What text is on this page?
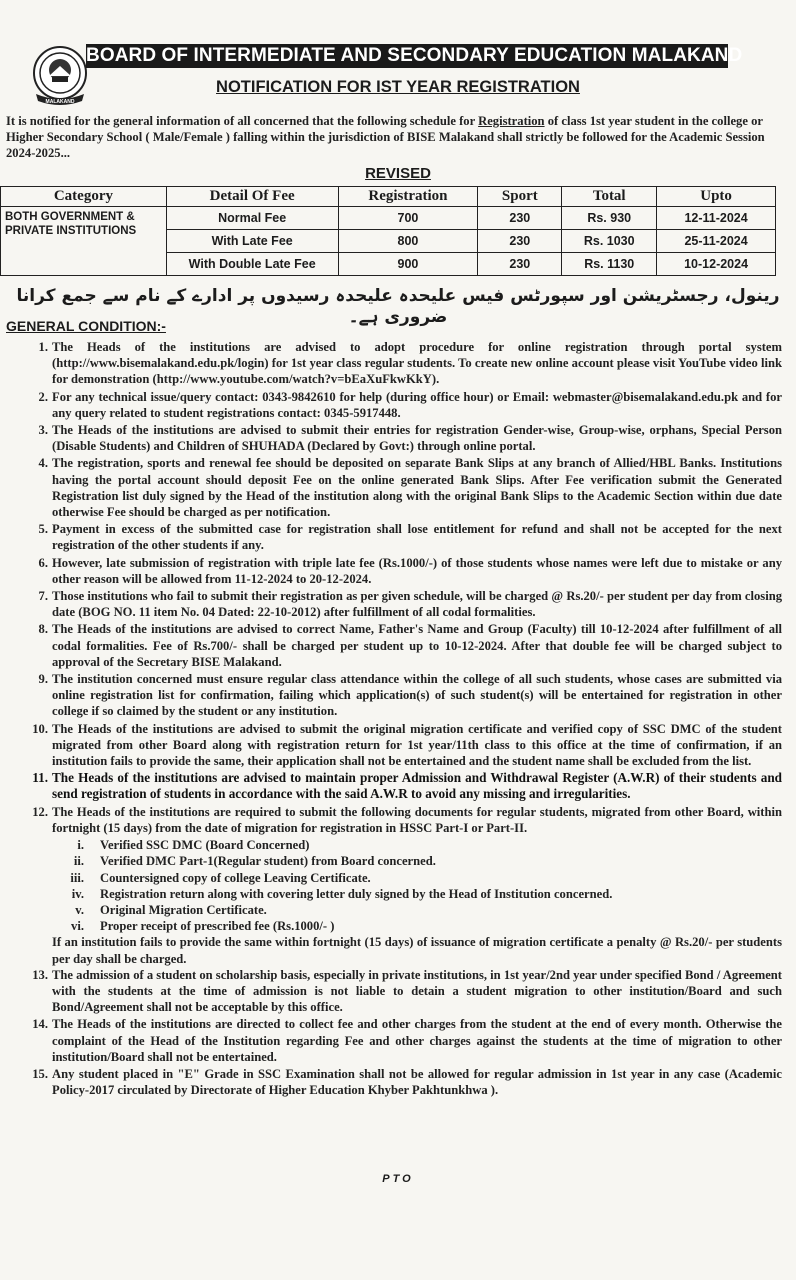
MALAKAND
BOARD OF INTERMEDIATE AND SECONDARY EDUCATION MALAKAND
NOTIFICATION FOR IST YEAR REGISTRATION
It is notified for the general information of all concerned that the following schedule for Registration of class 1st year student in the college or Higher Secondary School ( Male/Female ) falling within the jurisdiction of BISE Malakand shall strictly be followed for the Academic Session 2024-2025...
REVISED
Category	Detail Of Fee	Registration	Sport	Total	Upto
BOTH GOVERNMENT & PRIVATE INSTITUTIONS	Normal Fee	700	230	Rs. 930	12-11-2024
	With Late Fee	800	230	Rs. 1030	25-11-2024
	With Double Late Fee	900	230	Rs. 1130	10-12-2024
رینول، رجسٹریشن اور سپورٹس فیس علیحدہ علیحدہ رسیدوں پر ادارے کے نام سے جمع کرانا ضروری ہے۔
GENERAL CONDITION:-
1. The Heads of the institutions are advised to adopt procedure for online registration through portal system (http://www.bisemalakand.edu.pk/login) for 1st year class regular students. To create new online account please visit YouTube video link for demonstration (http://www.youtube.com/watch?v=bEaXuFkwKkY).
2. For any technical issue/query contact: 0343-9842610 for help (during office hour) or Email: webmaster@bisemalakand.edu.pk and for any query related to student registrations contact: 0345-5917448.
3. The Heads of the institutions are advised to submit their entries for registration Gender-wise, Group-wise, orphans, Special Person (Disable Students) and Children of SHUHADA (Declared by Govt:) through online portal.
4. The registration, sports and renewal fee should be deposited on separate Bank Slips at any branch of Allied/HBL Banks. Institutions having the portal account should deposit Fee on the online generated Bank Slips. After Fee verification submit the Generated Registration list duly signed by the Head of the institution along with the original Bank Slips to the Academic Section within due date otherwise Fee should be charged as per notification.
5. Payment in excess of the submitted case for registration shall lose entitlement for refund and shall not be accepted for the next registration of the other students if any.
6. However, late submission of registration with triple late fee (Rs.1000/-) of those students whose names were left due to mistake or any other reason will be allowed from 11-12-2024 to 20-12-2024.
7. Those institutions who fail to submit their registration as per given schedule, will be charged @ Rs.20/- per student per day from closing date (BOG NO. 11 item No. 04 Dated: 22-10-2012) after fulfillment of all codal formalities.
8. The Heads of the institutions are advised to correct Name, Father's Name and Group (Faculty) till 10-12-2024 after fulfillment of all codal formalities. Fee of Rs.700/- shall be charged per student up to 10-12-2024. After that double fee will be charged subject to approval of the Secretary BISE Malakand.
9. The institution concerned must ensure regular class attendance within the college of all such students, whose cases are submitted via online registration list for confirmation, failing which application(s) of such student(s) will be entertained for registration in other college if so claimed by the student or any institution.
10. The Heads of the institutions are advised to submit the original migration certificate and verified copy of SSC DMC of the student migrated from other Board along with registration return for 1st year/11th class to this office at the time of confirmation, if an institution fails to provide the same, their application shall not be entertained and the student name shall be excluded from the list.
11. The Heads of the institutions are advised to maintain proper Admission and Withdrawal Register (A.W.R) of their students and send registration of students in accordance with the said A.W.R to avoid any missing and irregularities.
12. The Heads of the institutions are required to submit the following documents for regular students, migrated from other Board, within fortnight (15 days) from the date of migration for registration in HSSC Part-I or Part-II.
i. Verified SSC DMC (Board Concerned)
ii. Verified DMC Part-1(Regular student) from Board concerned.
iii. Countersigned copy of college Leaving Certificate.
iv. Registration return along with covering letter duly signed by the Head of Institution concerned.
v. Original Migration Certificate.
vi. Proper receipt of prescribed fee (Rs.1000/- )
If an institution fails to provide the same within fortnight (15 days) of issuance of migration certificate a penalty @ Rs.20/- per students per day shall be charged.
13. The admission of a student on scholarship basis, especially in private institutions, in 1st year/2nd year under specified Bond / Agreement with the students at the time of admission is not liable to detain a student migration to other institution/Board and such Bond/Agreement shall not be acceptable by this office.
14. The Heads of the institutions are directed to collect fee and other charges from the student at the end of every month. Otherwise the complaint of the Head of the Institution regarding Fee and other charges against the students at the time of migration to other institution/Board shall not be entertained.
15. Any student placed in "E" Grade in SSC Examination shall not be allowed for regular admission in 1st year in any case (Academic Policy-2017 circulated by Directorate of Higher Education Khyber Pakhtunkhwa ).
PTO
